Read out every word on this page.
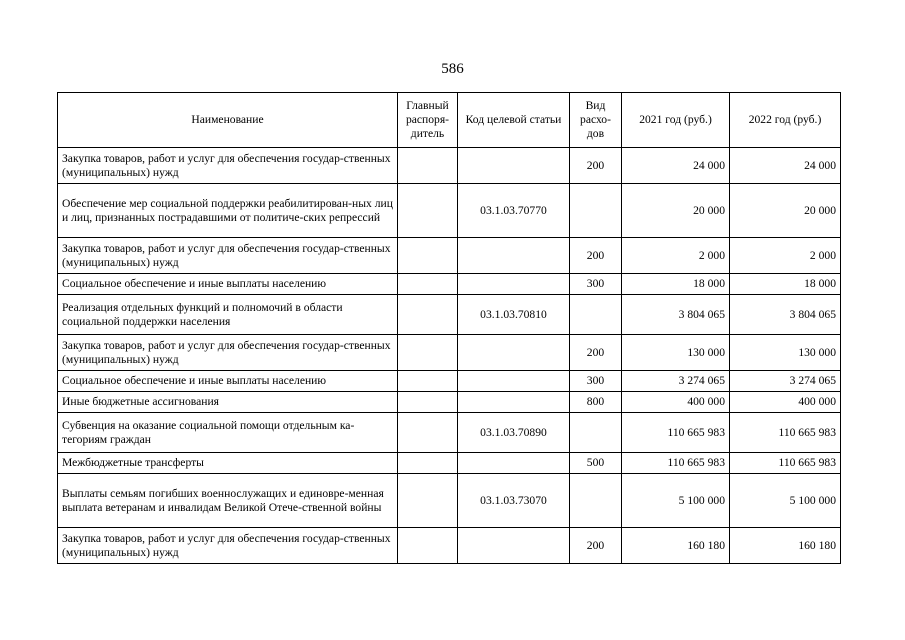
586
Наименование	Главный распоря-дитель	Код целевой статьи	Вид расхо-дов	2021 год (руб.)	2022 год (руб.)
Закупка товаров, работ и услуг для обеспечения государ-ственных (муниципальных) нужд			200	24 000	24 000
Обеспечение мер социальной поддержки реабилитирован-ных лиц и лиц, признанных пострадавшими от политиче-ских репрессий		03.1.03.70770		20 000	20 000
Закупка товаров, работ и услуг для обеспечения государ-ственных (муниципальных) нужд			200	2 000	2 000
Социальное обеспечение и иные выплаты населению			300	18 000	18 000
Реализация отдельных функций и полномочий в области социальной поддержки населения		03.1.03.70810		3 804 065	3 804 065
Закупка товаров, работ и услуг для обеспечения государ-ственных (муниципальных) нужд			200	130 000	130 000
Социальное обеспечение и иные выплаты населению			300	3 274 065	3 274 065
Иные бюджетные ассигнования			800	400 000	400 000
Субвенция на оказание социальной помощи отдельным ка-тегориям граждан		03.1.03.70890		110 665 983	110 665 983
Межбюджетные трансферты			500	110 665 983	110 665 983
Выплаты семьям погибших военнослужащих и единовре-менная выплата ветеранам и инвалидам Великой Отече-ственной войны		03.1.03.73070		5 100 000	5 100 000
Закупка товаров, работ и услуг для обеспечения государ-ственных (муниципальных) нужд			200	160 180	160 180
